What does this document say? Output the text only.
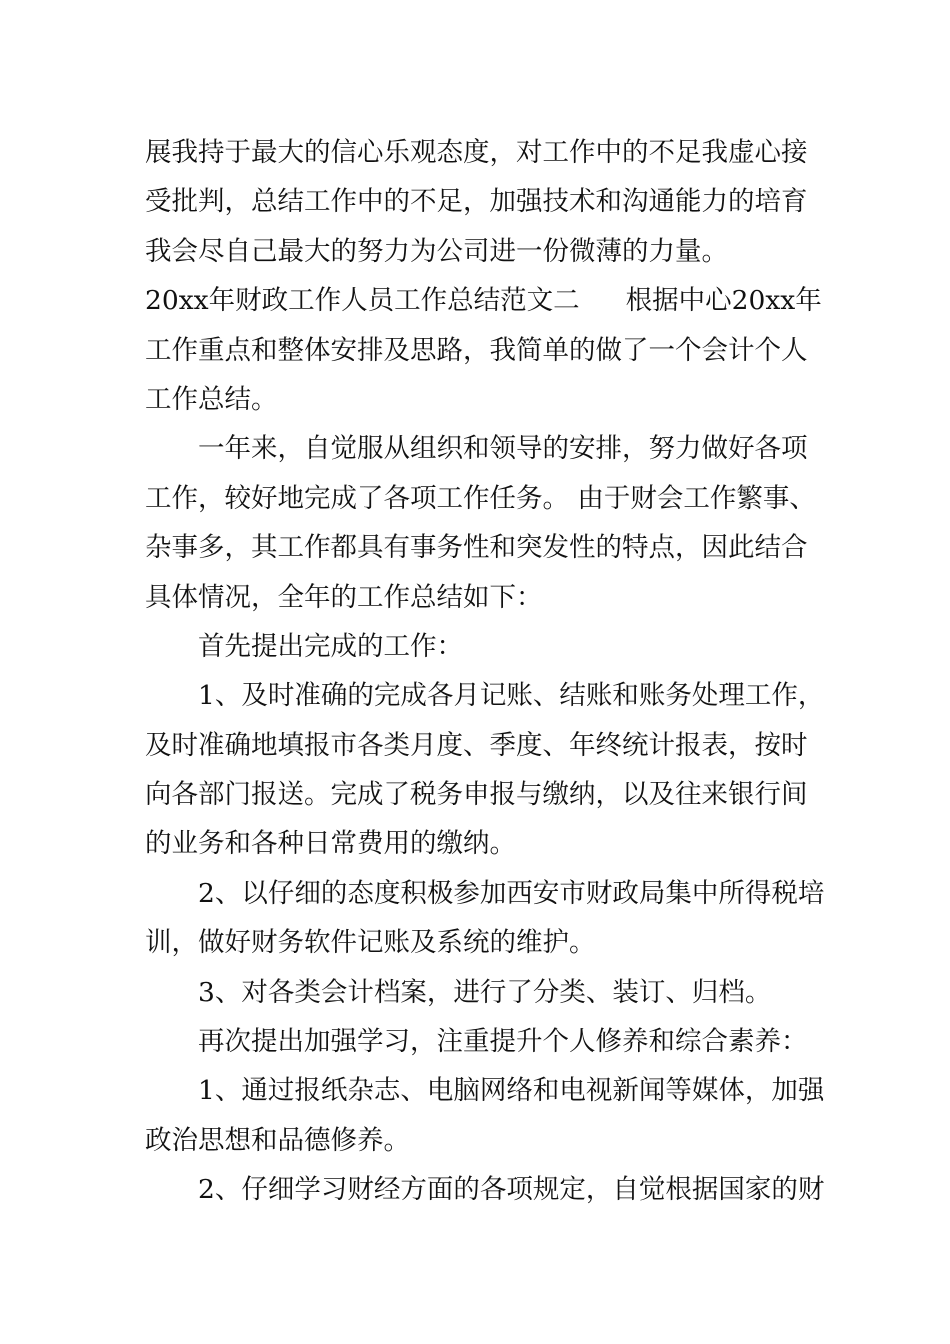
展我持于最大的信心乐观态度，对工作中的不足我虚心接
受批判，总结工作中的不足，加强技术和沟通能力的培育
我会尽自己最大的努力为公司进一份微薄的力量。
20xx年财政工作人员工作总结范文二 根据中心20xx年
工作重点和整体安排及思路，我简单的做了一个会计个人
工作总结。
一年来，自觉服从组织和领导的安排，努力做好各项
工作，较好地完成了各项工作任务。 由于财会工作繁事、
杂事多，其工作都具有事务性和突发性的特点，因此结合
具体情况，全年的工作总结如下：
首先提出完成的工作：
1、及时准确的完成各月记账、结账和账务处理工作，
及时准确地填报市各类月度、季度、年终统计报表，按时
向各部门报送。完成了税务申报与缴纳，以及往来银行间
的业务和各种日常费用的缴纳。
2、以仔细的态度积极参加西安市财政局集中所得税培
训，做好财务软件记账及系统的维护。
3、对各类会计档案，进行了分类、装订、归档。
再次提出加强学习，注重提升个人修养和综合素养：
1、通过报纸杂志、电脑网络和电视新闻等媒体，加强
政治思想和品德修养。
2、仔细学习财经方面的各项规定，自觉根据国家的财
